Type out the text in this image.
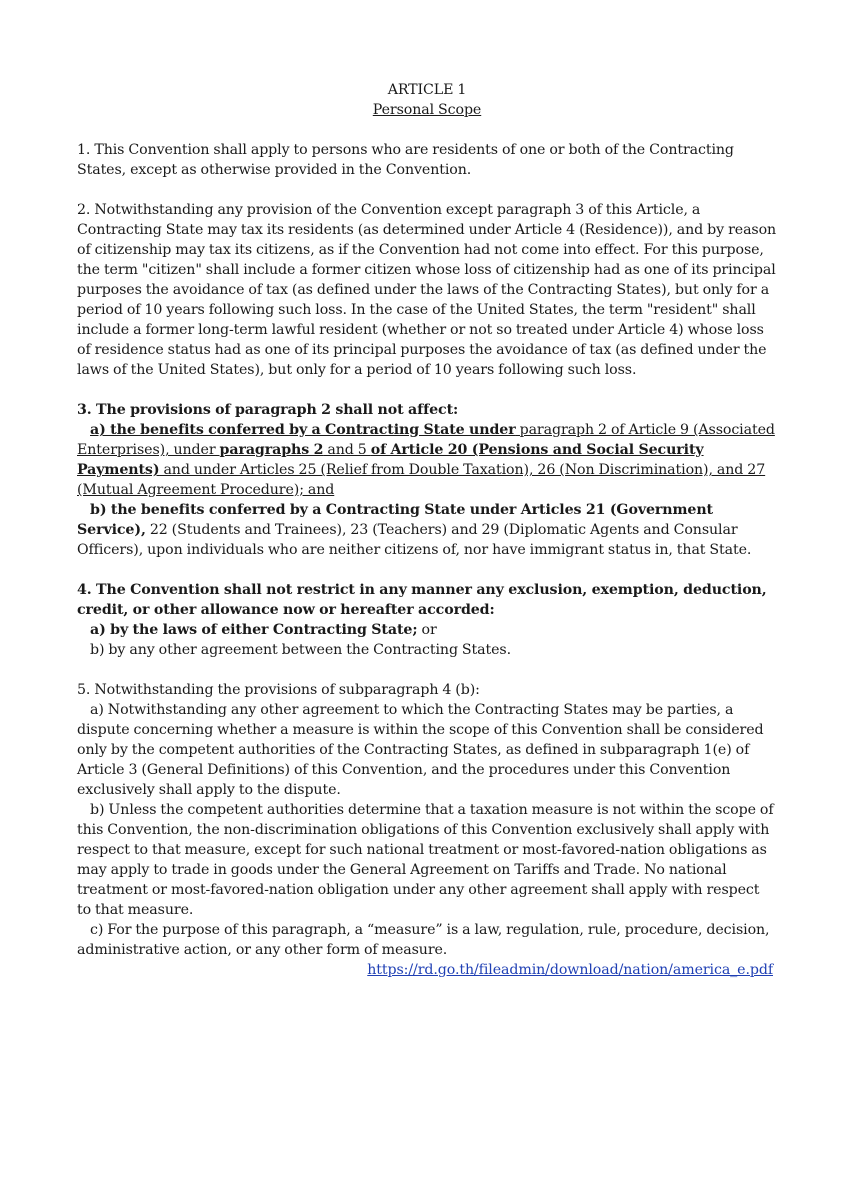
ARTICLE 1

Personal Scope

1. This Convention shall apply to persons who are residents of one or both of the Contracting States, except as otherwise provided in the Convention.

2. Notwithstanding any provision of the Convention except paragraph 3 of this Article, a Contracting State may tax its residents (as determined under Article 4 (Residence)), and by reason of citizenship may tax its citizens, as if the Convention had not come into effect. For this purpose, the term "citizen" shall include a former citizen whose loss of citizenship had as one of its principal purposes the avoidance of tax (as defined under the laws of the Contracting States), but only for a period of 10 years following such loss. In the case of the United States, the term "resident" shall include a former long-term lawful resident (whether or not so treated under Article 4) whose loss of residence status had as one of its principal purposes the avoidance of tax (as defined under the laws of the United States), but only for a period of 10 years following such loss.

3. The provisions of paragraph 2 shall not affect:

a) the benefits conferred by a Contracting State under paragraph 2 of Article 9 (Associated Enterprises), under paragraphs 2 and 5 of Article 20 (Pensions and Social Security Payments) and under Articles 25 (Relief from Double Taxation), 26 (Non Discrimination), and 27 (Mutual Agreement Procedure); and

b) the benefits conferred by a Contracting State under Articles 21 (Government Service), 22 (Students and Trainees), 23 (Teachers) and 29 (Diplomatic Agents and Consular Officers), upon individuals who are neither citizens of, nor have immigrant status in, that State.

4. The Convention shall not restrict in any manner any exclusion, exemption, deduction, credit, or other allowance now or hereafter accorded:

a) by the laws of either Contracting State; or

b) by any other agreement between the Contracting States.

5. Notwithstanding the provisions of subparagraph 4 (b):

a) Notwithstanding any other agreement to which the Contracting States may be parties, a dispute concerning whether a measure is within the scope of this Convention shall be considered only by the competent authorities of the Contracting States, as defined in subparagraph 1(e) of Article 3 (General Definitions) of this Convention, and the procedures under this Convention exclusively shall apply to the dispute.

b) Unless the competent authorities determine that a taxation measure is not within the scope of this Convention, the non-discrimination obligations of this Convention exclusively shall apply with respect to that measure, except for such national treatment or most-favored-nation obligations as may apply to trade in goods under the General Agreement on Tariffs and Trade. No national treatment or most-favored-nation obligation under any other agreement shall apply with respect to that measure.

c) For the purpose of this paragraph, a “measure” is a law, regulation, rule, procedure, decision, administrative action, or any other form of measure.

https://rd.go.th/fileadmin/download/nation/america_e.pdf
